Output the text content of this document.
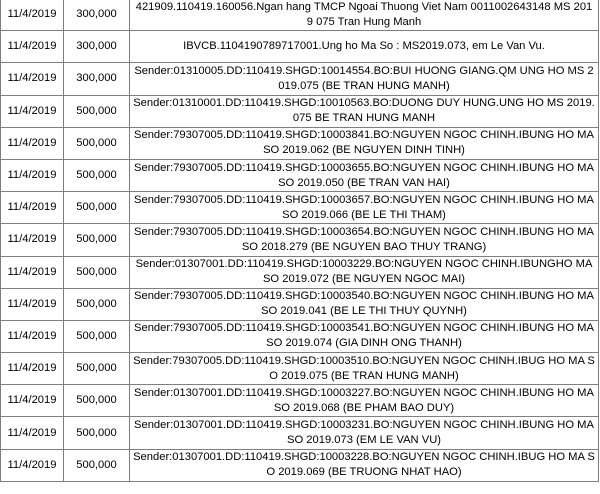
11/4/2019	300,000	421909.110419.160056.Ngan hang TMCP Ngoai Thuong Viet Nam 0011002643148 MS 2019 075 Tran Hung Manh
11/4/2019	300,000	IBVCB.1104190789717001.Ung ho Ma So : MS2019.073, em Le Van Vu.
11/4/2019	300,000	Sender:01310005.DD:110419.SHGD:10014554.BO:BUI HUONG GIANG.QM UNG HO MS 2019.075 (BE TRAN HUNG MANH)
11/4/2019	500,000	Sender:01310001.DD:110419.SHGD:10010563.BO:DUONG DUY HUNG.UNG HO MS 2019.075 BE TRAN HUNG MANH
11/4/2019	500,000	Sender:79307005.DD:110419.SHGD:10003841.BO:NGUYEN NGOC CHINH.IBUNG HO MA SO 2019.062 (BE NGUYEN DINH TINH)
11/4/2019	500,000	Sender:79307005.DD:110419.SHGD:10003655.BO:NGUYEN NGOC CHINH.IBUNG HO MA SO 2019.050 (BE TRAN VAN HAI)
11/4/2019	500,000	Sender:79307005.DD:110419.SHGD:10003657.BO:NGUYEN NGOC CHINH.IBUNG HO MA SO 2019.066 (BE LE THI THAM)
11/4/2019	500,000	Sender:79307005.DD:110419.SHGD:10003654.BO:NGUYEN NGOC CHINH.IBUNG HO MA SO 2018.279 (BE NGUYEN BAO THUY TRANG)
11/4/2019	500,000	Sender:01307001.DD:110419.SHGD:10003229.BO:NGUYEN NGOC CHINH.IBUNGHO MA SO 2019.072 (BE NGUYEN NGOC MAI)
11/4/2019	500,000	Sender:79307005.DD:110419.SHGD:10003540.BO:NGUYEN NGOC CHINH.IBUNG HO MA SO 2019.041 (BE LE THI THUY QUYNH)
11/4/2019	500,000	Sender:79307005.DD:110419.SHGD:10003541.BO:NGUYEN NGOC CHINH.IBUNG HO MA SO 2019.074 (GIA DINH ONG THANH)
11/4/2019	500,000	Sender:79307005.DD:110419.SHGD:10003510.BO:NGUYEN NGOC CHINH.IBUG HO MA SO 2019.075 (BE TRAN HUNG MANH)
11/4/2019	500,000	Sender:01307001.DD:110419.SHGD:10003227.BO:NGUYEN NGOC CHINH.IBUNG HO MA SO 2019.068 (BE PHAM BAO DUY)
11/4/2019	500,000	Sender:01307001.DD:110419.SHGD:10003231.BO:NGUYEN NGOC CHINH.IBUNG HO MA SO 2019.073 (EM LE VAN VU)
11/4/2019	500,000	Sender:01307001.DD:110419.SHGD:10003228.BO:NGUYEN NGOC CHINH.IBUG HO MA SO 2019.069 (BE TRUONG NHAT HAO)
